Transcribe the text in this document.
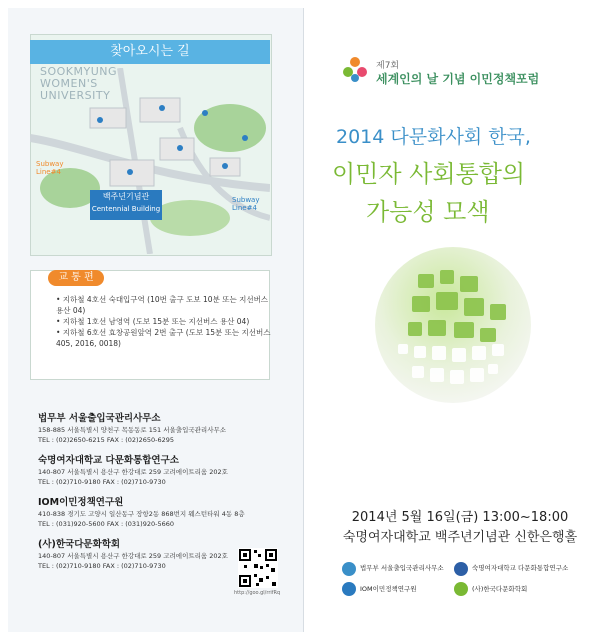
찾아오시는 길
SOOKMYUNG
WOMEN'S
UNIVERSITY
Subway
Line#4
Subway
Line#4
백주년기념관
Centennial Building
교 통 편
• 지하철 4호선 숙대입구역 (10번 출구 도보 10분 또는 지선버스
용산 04)
• 지하철 1호선 남영역 (도보 15분 또는 지선버스 용산 04)
• 지하철 6호선 효창공원앞역 2번 출구 (도보 15분 또는 지선버스
405, 2016, 0018)
법무부 서울출입국관리사무소
158-885 서울특별시 양천구 목동동로 151 서울출입국관리사무소
TEL : (02)2650-6215 FAX : (02)2650-6295
숙명여자대학교 다문화통합연구소
140-807 서울특별시 용산구 한강대로 259 고려에이트리움 202호
TEL : (02)710-9180 FAX : (02)710-9730
IOM이민정책연구원
410-838 경기도 고양시 일산동구 장항2동 868번지 웨스턴타워 4동 8층
TEL : (031)920-5600 FAX : (031)920-5660
(사)한국다문화학회
140-807 서울특별시 용산구 한강대로 259 고려에이트리움 202호
TEL : (02)710-9180 FAX : (02)710-9730
http://goo.gl/rrifRq
제7회
세계인의 날 기념 이민정책포럼
2014 다문화사회 한국,
이민자 사회통합의
가능성 모색
2014년 5월 16일(금) 13:00~18:00
숙명여자대학교 백주년기념관 신한은행홀
법무부 서울출입국관리사무소	숙명여자대학교 다문화통합연구소
IOM이민정책연구원	(사)한국다문화학회
